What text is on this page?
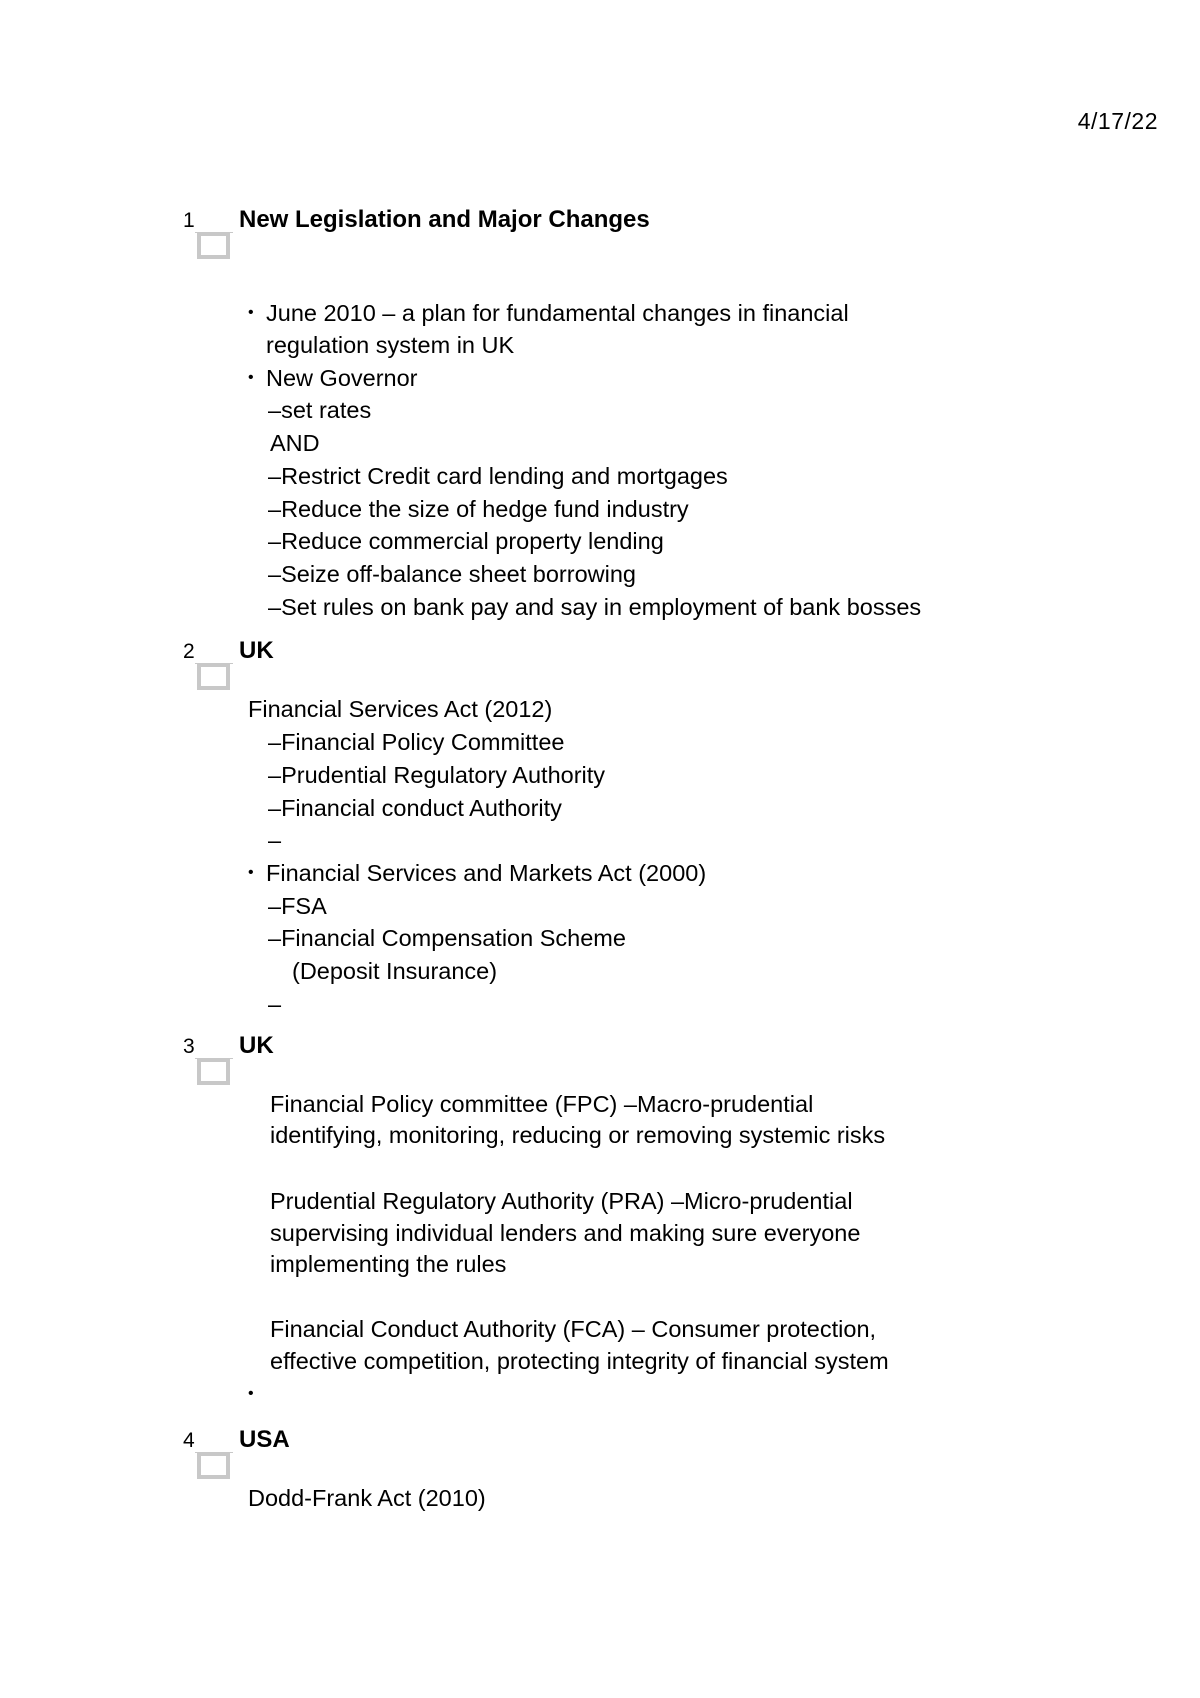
4/17/22
1 New Legislation and Major Changes
• June 2010 – a plan for fundamental changes in financial
regulation system in UK
• New Governor
–set rates
AND
–Restrict Credit card lending and mortgages
–Reduce the size of hedge fund industry
–Reduce commercial property lending
–Seize off-balance sheet borrowing
–Set rules on bank pay and say in employment of bank bosses
2 UK
Financial Services Act (2012)
–Financial Policy Committee
–Prudential Regulatory Authority
–Financial conduct Authority
–
• Financial Services and Markets Act (2000)
–FSA
–Financial Compensation Scheme
(Deposit Insurance)
–
3 UK
Financial Policy committee (FPC) –Macro-prudential
identifying, monitoring, reducing or removing systemic risks
Prudential Regulatory Authority (PRA) –Micro-prudential
supervising individual lenders and making sure everyone
implementing the rules
Financial Conduct Authority (FCA) – Consumer protection,
effective competition, protecting integrity of financial system
•
4 USA
Dodd-Frank Act (2010)
